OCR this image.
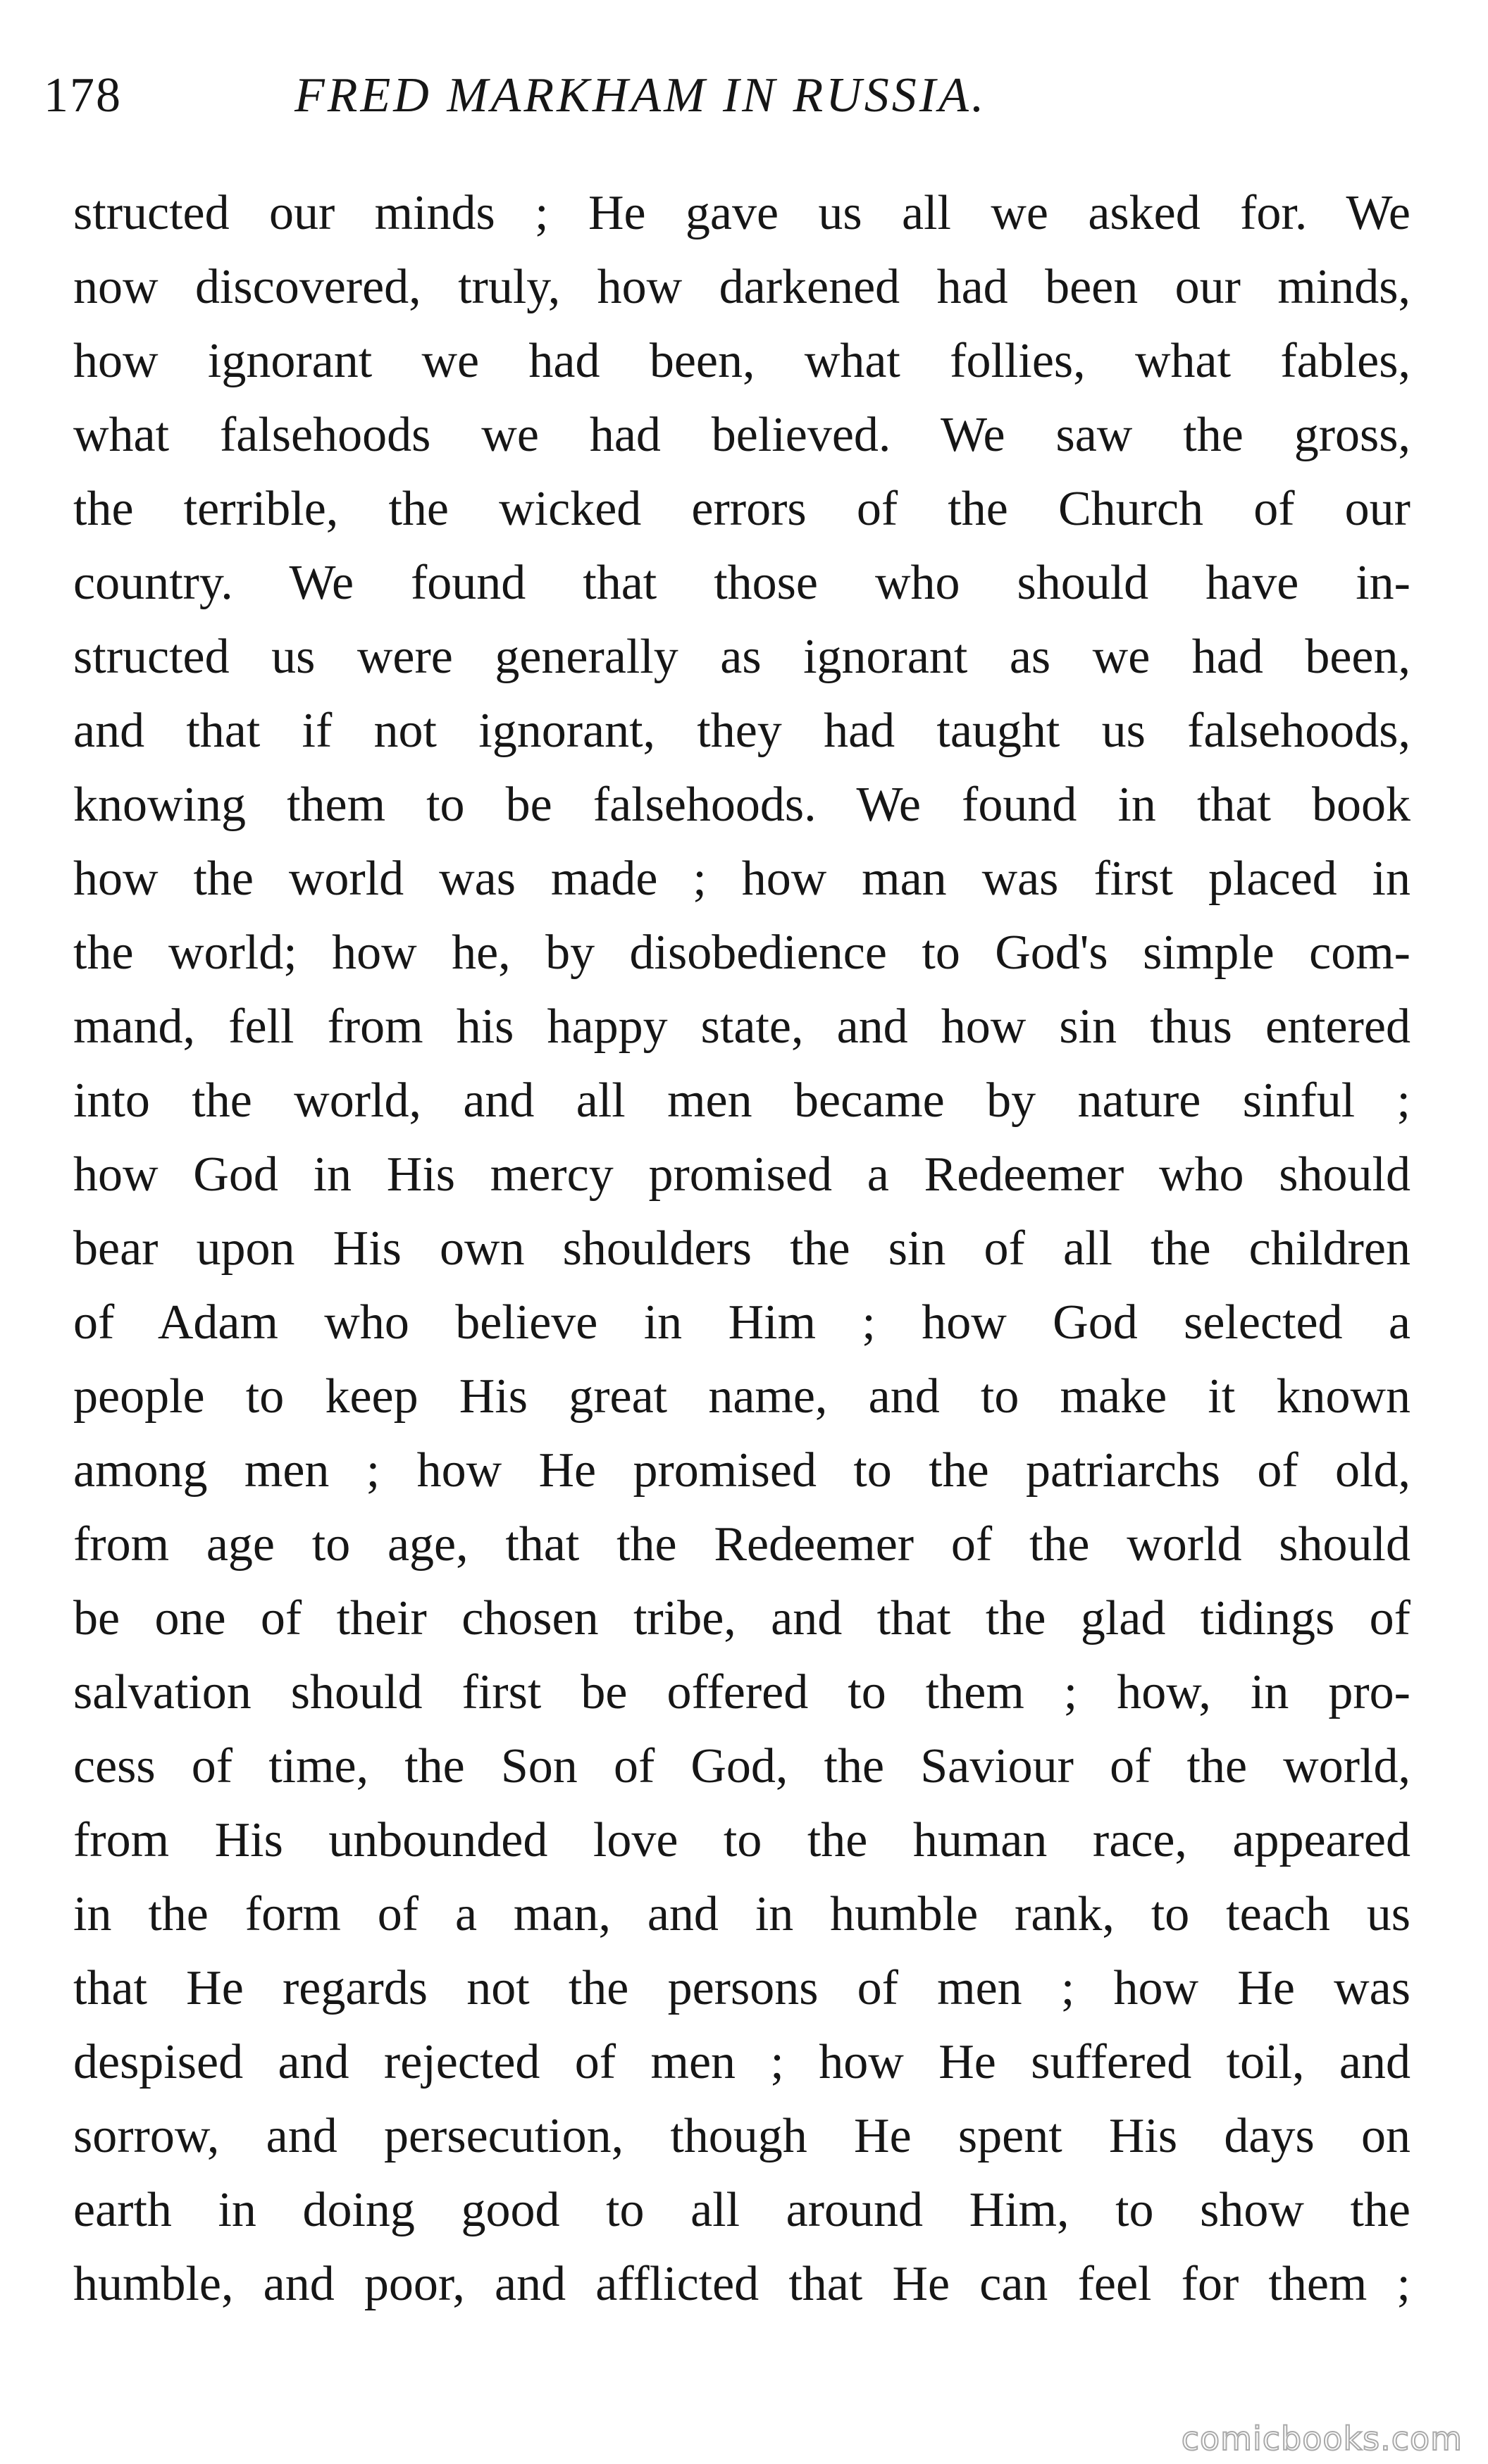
178	FRED MARKHAM IN RUSSIA.
structed our minds ; He gave us all we asked for. We
now discovered, truly, how darkened had been our minds,
how ignorant we had been, what follies, what fables,
what falsehoods we had believed. We saw the gross,
the terrible, the wicked errors of the Church of our
country. We found that those who should have in-
structed us were generally as ignorant as we had been,
and that if not ignorant, they had taught us falsehoods,
knowing them to be falsehoods. We found in that book
how the world was made ; how man was first placed in
the world; how he, by disobedience to God's simple com-
mand, fell from his happy state, and how sin thus entered
into the world, and all men became by nature sinful ;
how God in His mercy promised a Redeemer who should
bear upon His own shoulders the sin of all the children
of Adam who believe in Him ; how God selected a
people to keep His great name, and to make it known
among men ; how He promised to the patriarchs of old,
from age to age, that the Redeemer of the world should
be one of their chosen tribe, and that the glad tidings of
salvation should first be offered to them ; how, in pro-
cess of time, the Son of God, the Saviour of the world,
from His unbounded love to the human race, appeared
in the form of a man, and in humble rank, to teach us
that He regards not the persons of men ; how He was
despised and rejected of men ; how He suffered toil, and
sorrow, and persecution, though He spent His days on
earth in doing good to all around Him, to show the
humble, and poor, and afflicted that He can feel for them ;
comicbooks.com
